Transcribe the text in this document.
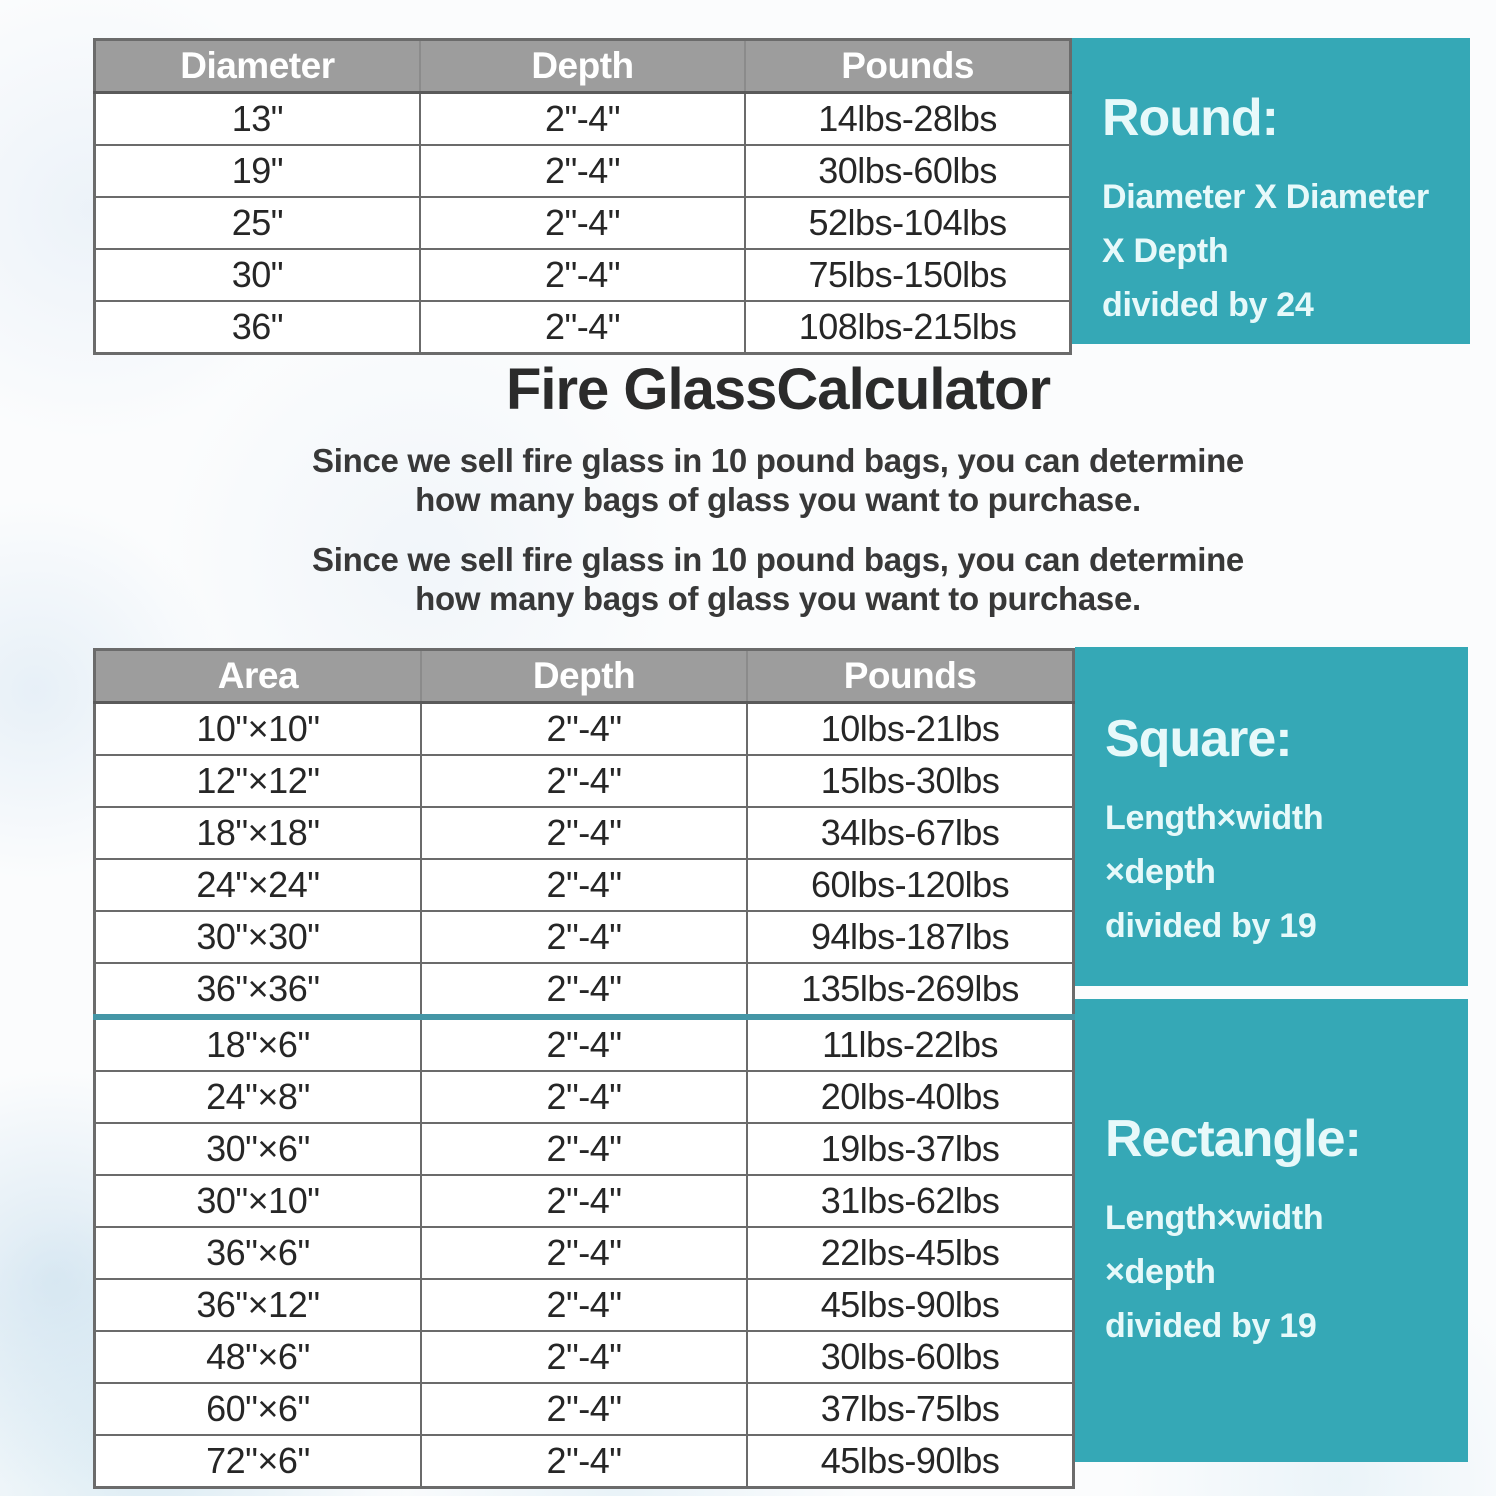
Diameter	Depth	Pounds
13"	2"-4"	14lbs-28lbs
19"	2"-4"	30lbs-60lbs
25"	2"-4"	52lbs-104lbs
30"	2"-4"	75lbs-150lbs
36"	2"-4"	108lbs-215lbs
Round:
Diameter X Diameter
X Depth
divided by 24
Fire GlassCalculator

Since we sell fire glass in 10 pound bags, you can determine
how many bags of glass you want to purchase.

Since we sell fire glass in 10 pound bags, you can determine
how many bags of glass you want to purchase.

Area	Depth	Pounds
10"×10"	2"-4"	10lbs-21lbs
12"×12"	2"-4"	15lbs-30lbs
18"×18"	2"-4"	34lbs-67lbs
24"×24"	2"-4"	60lbs-120lbs
30"×30"	2"-4"	94lbs-187lbs
36"×36"	2"-4"	135lbs-269lbs
18"×6"	2"-4"	11lbs-22lbs
24"×8"	2"-4"	20lbs-40lbs
30"×6"	2"-4"	19lbs-37lbs
30"×10"	2"-4"	31lbs-62lbs
36"×6"	2"-4"	22lbs-45lbs
36"×12"	2"-4"	45lbs-90lbs
48"×6"	2"-4"	30lbs-60lbs
60"×6"	2"-4"	37lbs-75lbs
72"×6"	2"-4"	45lbs-90lbs
Square:
Length×width
×depth
divided by 19
Rectangle:
Length×width
×depth
divided by 19
